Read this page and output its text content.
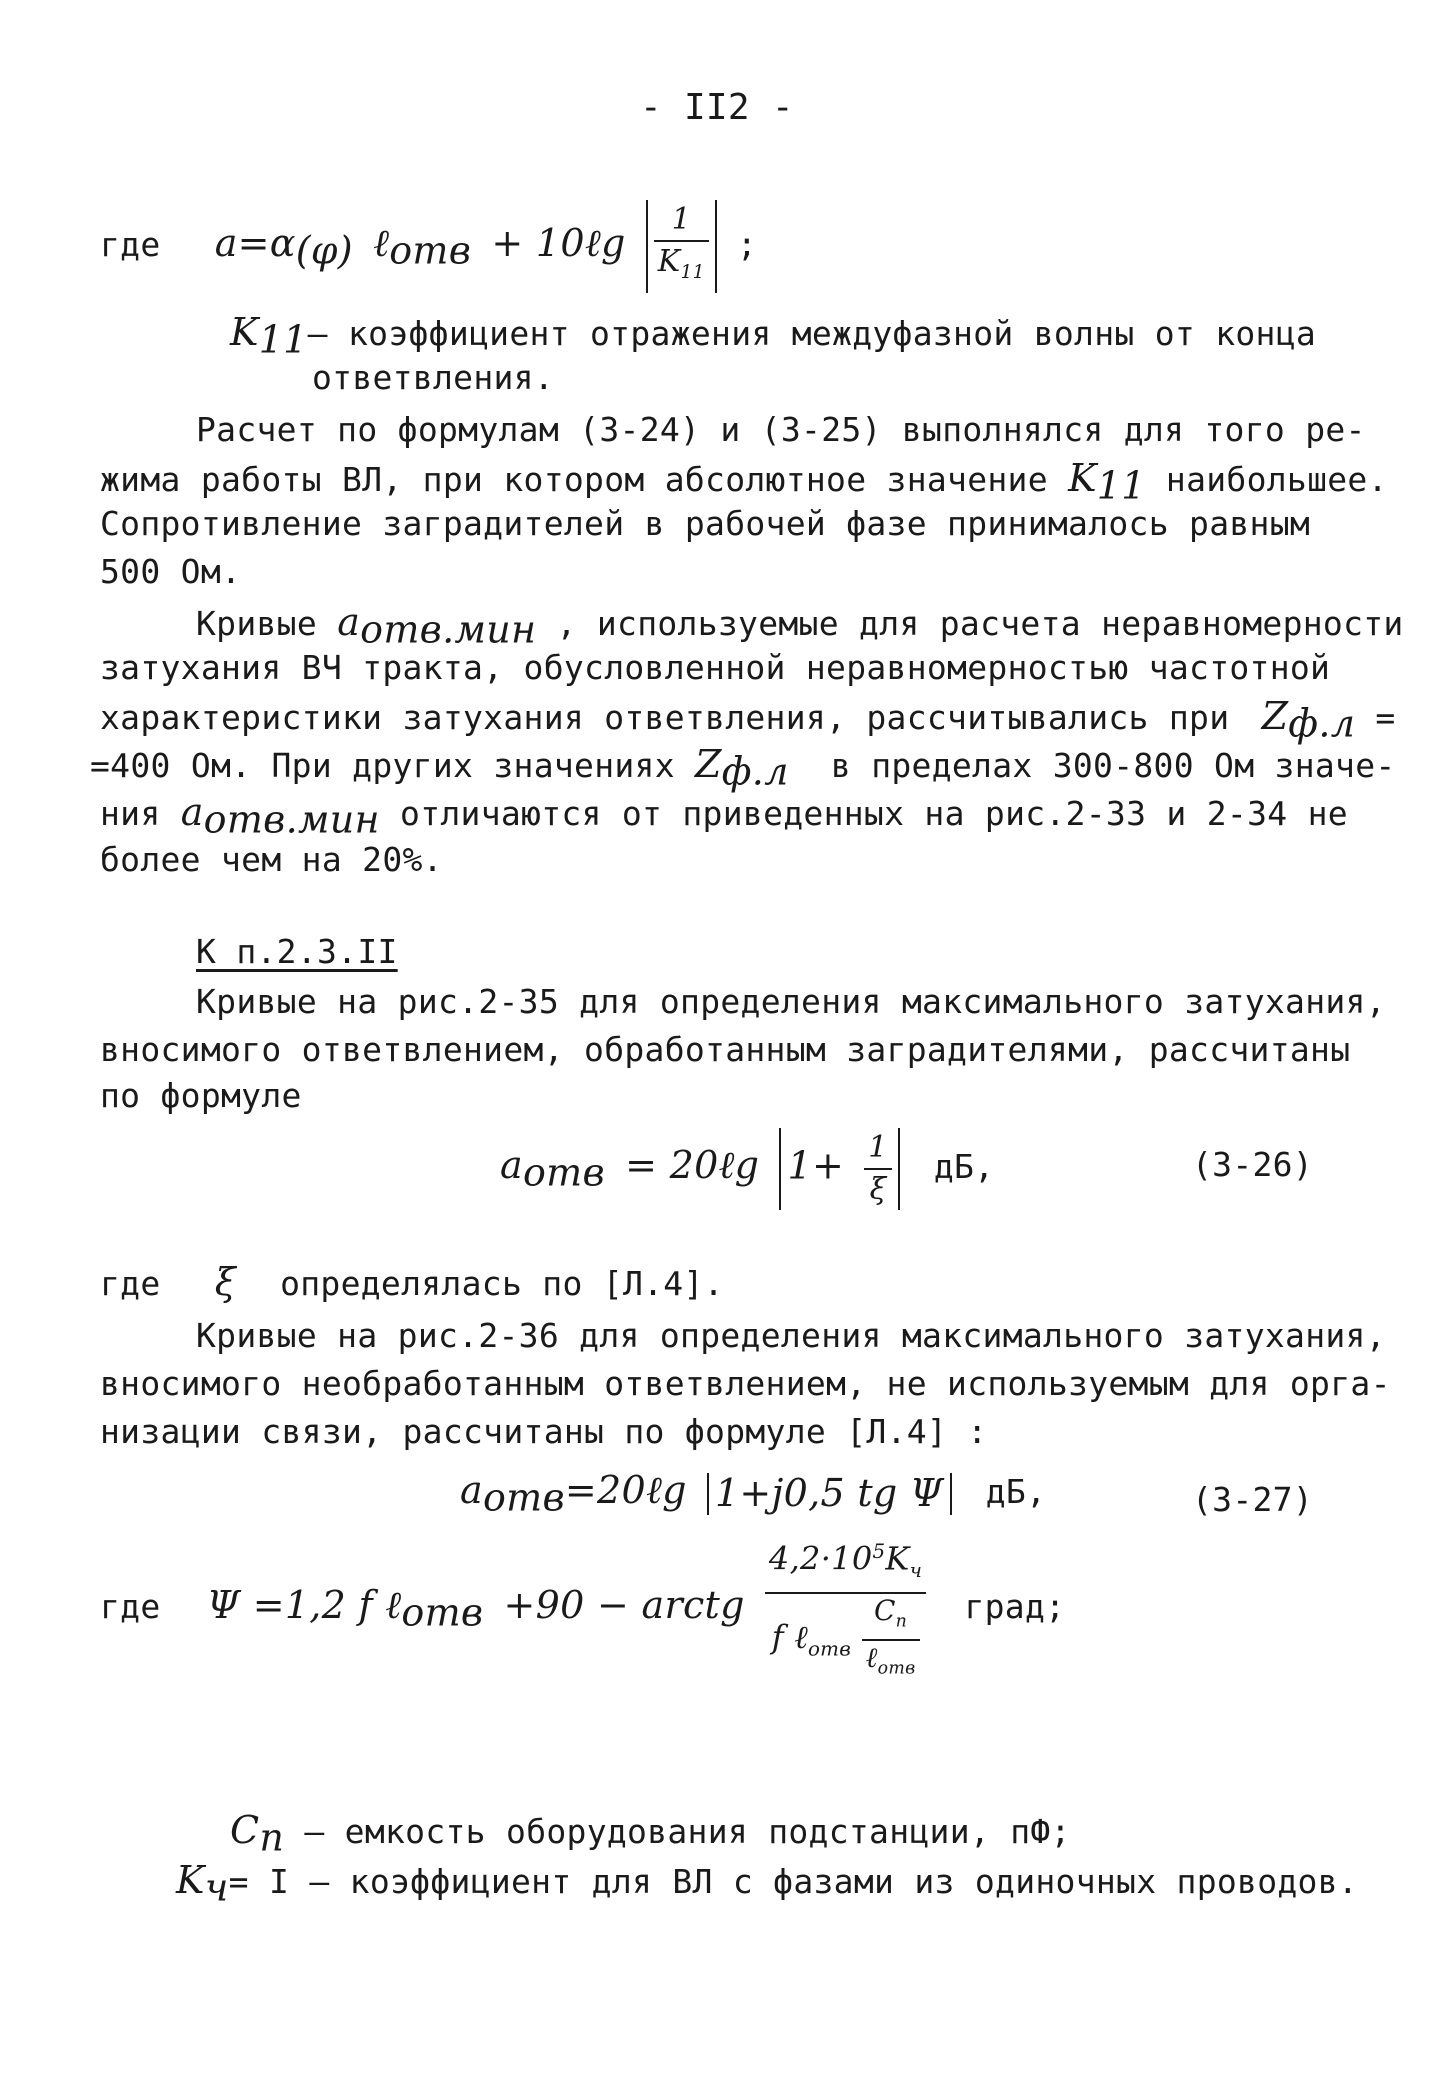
- II2 -
где $a=\alpha_{(\varphi)}$ ℓ$_{отв}$ + 10ℓg $\frac{1}{K_{11}}$ ;
$K_{11}-$ коэффициент отражения междуфазной волны от конца
ответвления.
Расчет по формулам (3-24) и (3-25) выполнялся для того ре-
жима работы ВЛ, при котором абсолютное значение $K_{11}$ наибольшее.
Сопротивление заградителей в рабочей фазе принималось равным
500 Ом.
Кривые $a_{отв.мин}$ , используемые для расчета неравномерности
затухания ВЧ тракта, обусловленной неравномерностью частотной
характеристики затухания ответвления, рассчитывались при $Z_{ф.л}$ =
=400 Ом. При других значениях $Z_{ф.л}$ в пределах 300-800 Ом значе-
ния $a_{отв.мин}$ отличаются от приведенных на рис.2-33 и 2-34 не
более чем на 20%.
К п.2.3.II
Кривые на рис.2-35 для определения максимального затухания,
вносимого ответвлением, обработанным заградителями, рассчитаны
по формуле
$a_{отв}$ = 20ℓg $1+ \frac{1}{\xi}$ дБ,	(3-26)
где ξ определялась по [Л.4].
Кривые на рис.2-36 для определения максимального затухания,
вносимого необработанным ответвлением, не используемым для орга-
низации связи, рассчитаны по формуле [Л.4] :
$a_{отв}=20\ell g$ 1+j0,5 tg Ψ дБ,	(3-27)
где Ψ =1,2 f ℓ$_{отв}$ +90 − arctg $\frac{4,2\cdot 10^5K_ч}{f \ell_{отв} \frac{C_п}{\ell_{отв}}}$ град;
$C_п$ – емкость оборудования подстанции, пФ;
$K_ч= I$ – коэффициент для ВЛ с фазами из одиночных проводов.
